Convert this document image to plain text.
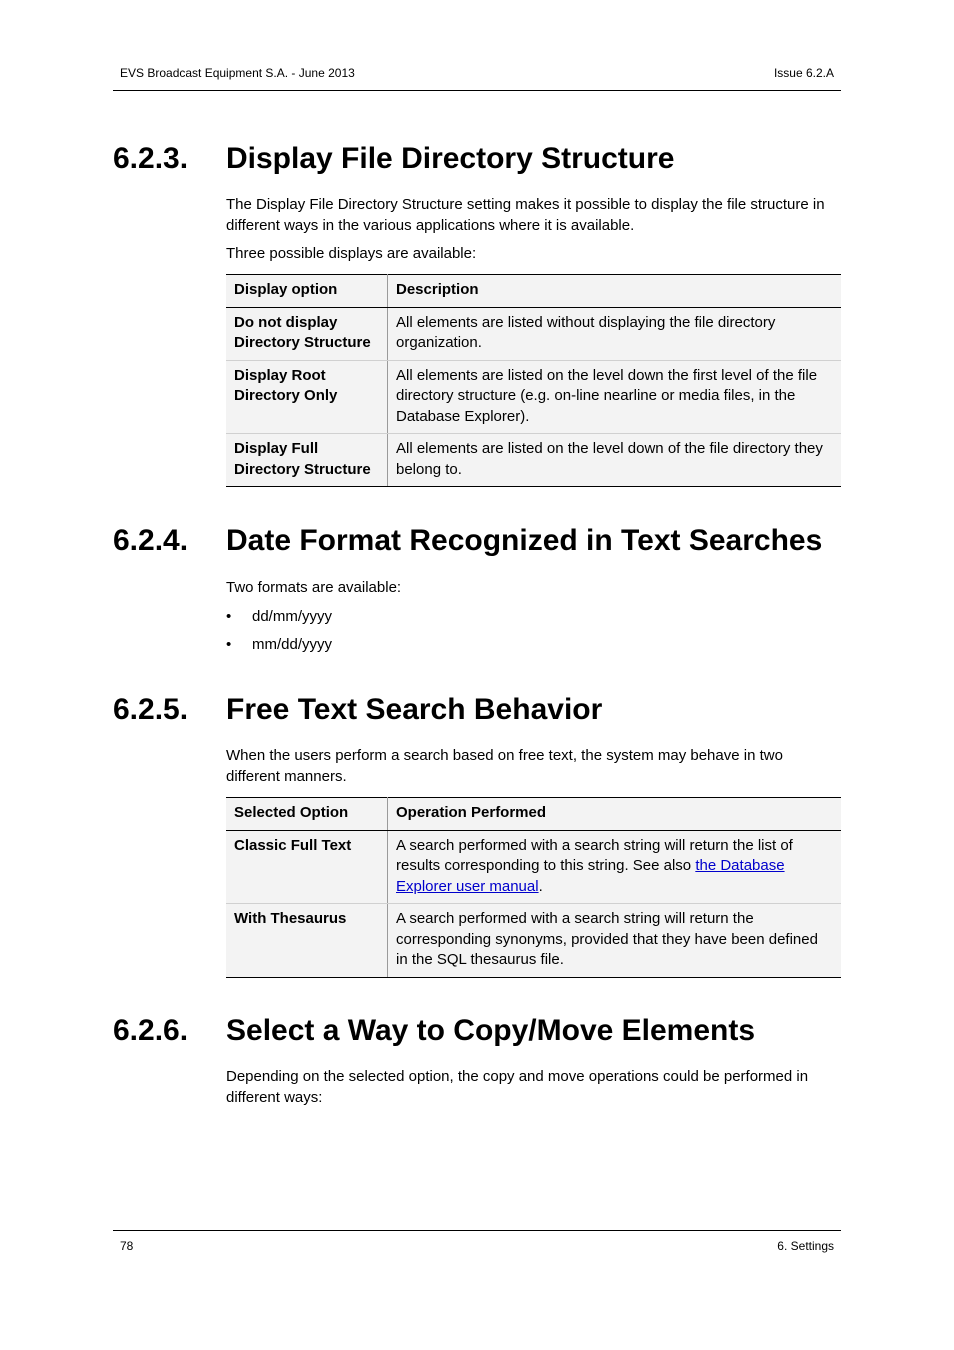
EVS Broadcast Equipment S.A. - June 2013	Issue 6.2.A
6.2.3. Display File Directory Structure
The Display File Directory Structure setting makes it possible to display the file structure in different ways in the various applications where it is available.
Three possible displays are available:
Display option	Description
Do not display Directory Structure	All elements are listed without displaying the file directory organization.
Display Root Directory Only	All elements are listed on the level down the first level of the file directory structure (e.g. on-line nearline or media files, in the Database Explorer).
Display Full Directory Structure	All elements are listed on the level down of the file directory they belong to.
6.2.4. Date Format Recognized in Text Searches
Two formats are available:
• dd/mm/yyyy
• mm/dd/yyyy
6.2.5. Free Text Search Behavior
When the users perform a search based on free text, the system may behave in two different manners.
Selected Option	Operation Performed
Classic Full Text	A search performed with a search string will return the list of results corresponding to this string. See also the Database Explorer user manual.
With Thesaurus	A search performed with a search string will return the corresponding synonyms, provided that they have been defined in the SQL thesaurus file.
6.2.6. Select a Way to Copy/Move Elements
Depending on the selected option, the copy and move operations could be performed in different ways:
78	6. Settings
